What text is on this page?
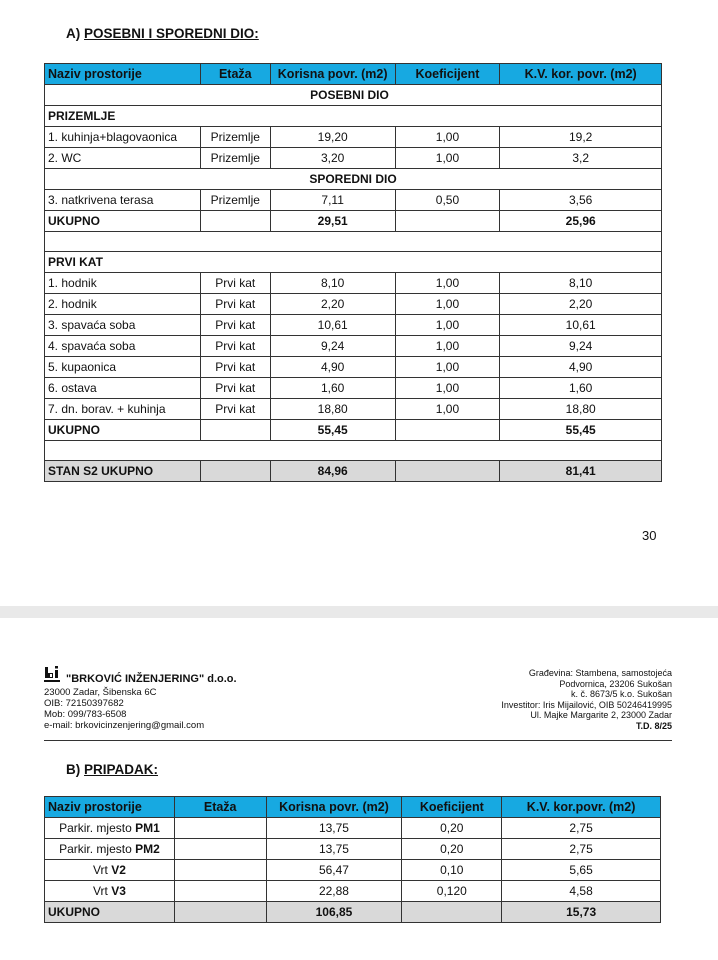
A) POSEBNI I SPOREDNI DIO:
Naziv prostorije	Etaža	Korisna povr. (m2)	Koeficijent	K.V. kor. povr. (m2)
POSEBNI DIO				
PRIZEMLJE				
1. kuhinja+blagovaonica	Prizemlje	19,20	1,00	19,2
2. WC	Prizemlje	3,20	1,00	3,2
SPOREDNI DIO				
3. natkrivena terasa	Prizemlje	7,11	0,50	3,56
UKUPNO		29,51		25,96

PRVI KAT				
1. hodnik	Prvi kat	8,10	1,00	8,10
2. hodnik	Prvi kat	2,20	1,00	2,20
3. spavaća soba	Prvi kat	10,61	1,00	10,61
4. spavaća soba	Prvi kat	9,24	1,00	9,24
5. kupaonica	Prvi kat	4,90	1,00	4,90
6. ostava	Prvi kat	1,60	1,00	1,60
7. dn. borav. + kuhinja	Prvi kat	18,80	1,00	18,80
UKUPNO		55,45		55,45

STAN S2 UKUPNO		84,96		81,41
30
"BRKOVIĆ INŽENJERING" d.o.o.
23000 Zadar, Šibenska 6C
OIB: 72150397682
Mob: 099/783-6508
e-mail: brkovicinzenjering@gmail.com
Građevina: Stambena, samostojeća
Podvornica, 23206 Sukošan
k. č. 8673/5 k.o. Sukošan
Investitor: Iris Mijailović, OIB 50246419995
Ul. Majke Margarite 2, 23000 Zadar
T.D. 8/25
B) PRIPADAK:
Naziv prostorije	Etaža	Korisna povr. (m2)	Koeficijent	K.V. kor.povr. (m2)
Parkir. mjesto PM1		13,75	0,20	2,75
Parkir. mjesto PM2		13,75	0,20	2,75
Vrt V2		56,47	0,10	5,65
Vrt V3		22,88	0,120	4,58
UKUPNO		106,85		15,73
